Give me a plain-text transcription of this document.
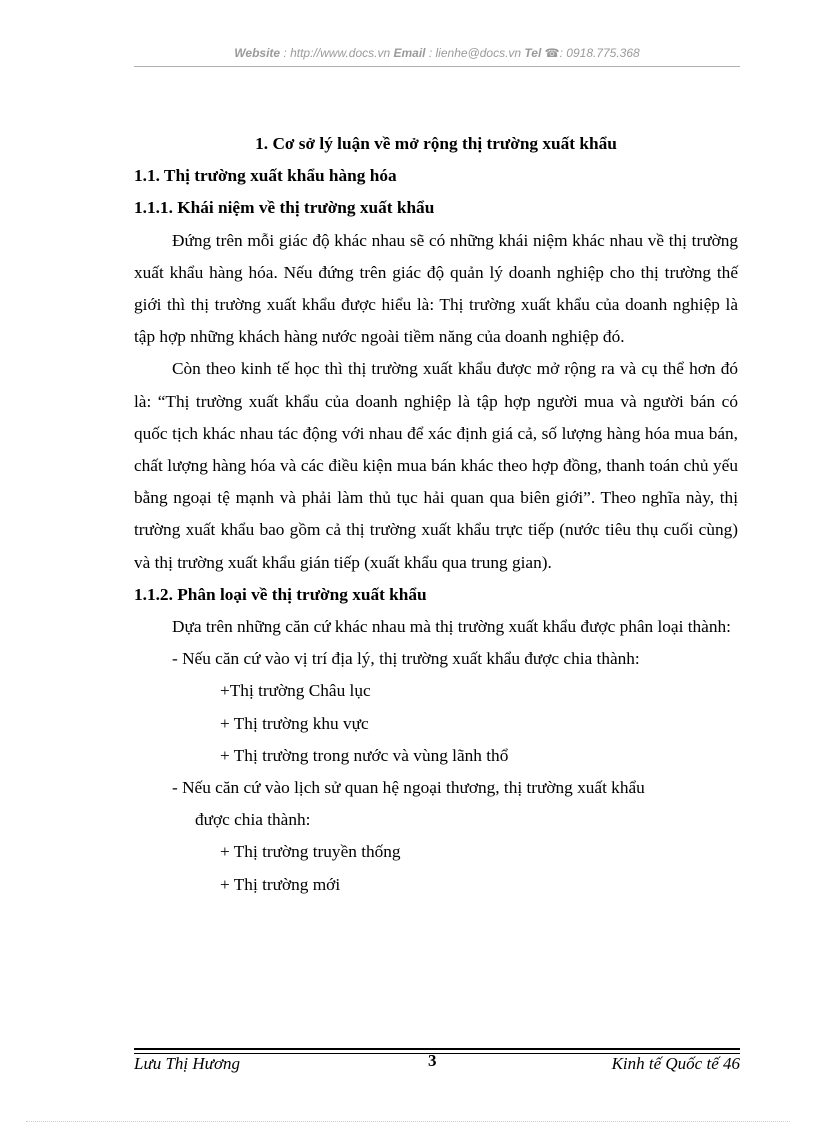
Website : http://www.docs.vn Email : lienhe@docs.vn Tel ☎: 0918.775.368

1. Cơ sở lý luận về mở rộng thị trường xuất khẩu

1.1. Thị trường xuất khẩu hàng hóa

1.1.1. Khái niệm về thị trường xuất khẩu

Đứng trên mỗi giác độ khác nhau sẽ có những khái niệm khác nhau về thị trường xuất khẩu hàng hóa. Nếu đứng trên giác độ quản lý doanh nghiệp cho thị trường thế giới thì thị trường xuất khẩu được hiểu là: Thị trường xuất khẩu của doanh nghiệp là tập hợp những khách hàng nước ngoài tiềm năng của doanh nghiệp đó.

Còn theo kinh tế học thì thị trường xuất khẩu được mở rộng ra và cụ thể hơn đó là: “Thị trường xuất khẩu của doanh nghiệp là tập hợp người mua và người bán có quốc tịch khác nhau tác động với nhau để xác định giá cả, số lượng hàng hóa mua bán, chất lượng hàng hóa và các điều kiện mua bán khác theo hợp đồng, thanh toán chủ yếu bằng ngoại tệ mạnh và phải làm thủ tục hải quan qua biên giới”. Theo nghĩa này, thị trường xuất khẩu bao gồm cả thị trường xuất khẩu trực tiếp (nước tiêu thụ cuối cùng) và thị trường xuất khẩu gián tiếp (xuất khẩu qua trung gian).

1.1.2. Phân loại về thị trường xuất khẩu

Dựa trên những căn cứ khác nhau mà thị trường xuất khẩu được phân loại thành:

- Nếu căn cứ vào vị trí địa lý, thị trường xuất khẩu được chia thành:

+Thị trường Châu lục

+ Thị trường khu vực

+ Thị trường trong nước và vùng lãnh thổ

- Nếu căn cứ vào lịch sử quan hệ ngoại thương, thị trường xuất khẩu
được chia thành:

+ Thị trường truyền thống

+ Thị trường mới

Lưu Thị Hương	3	Kinh tế Quốc tế 46
